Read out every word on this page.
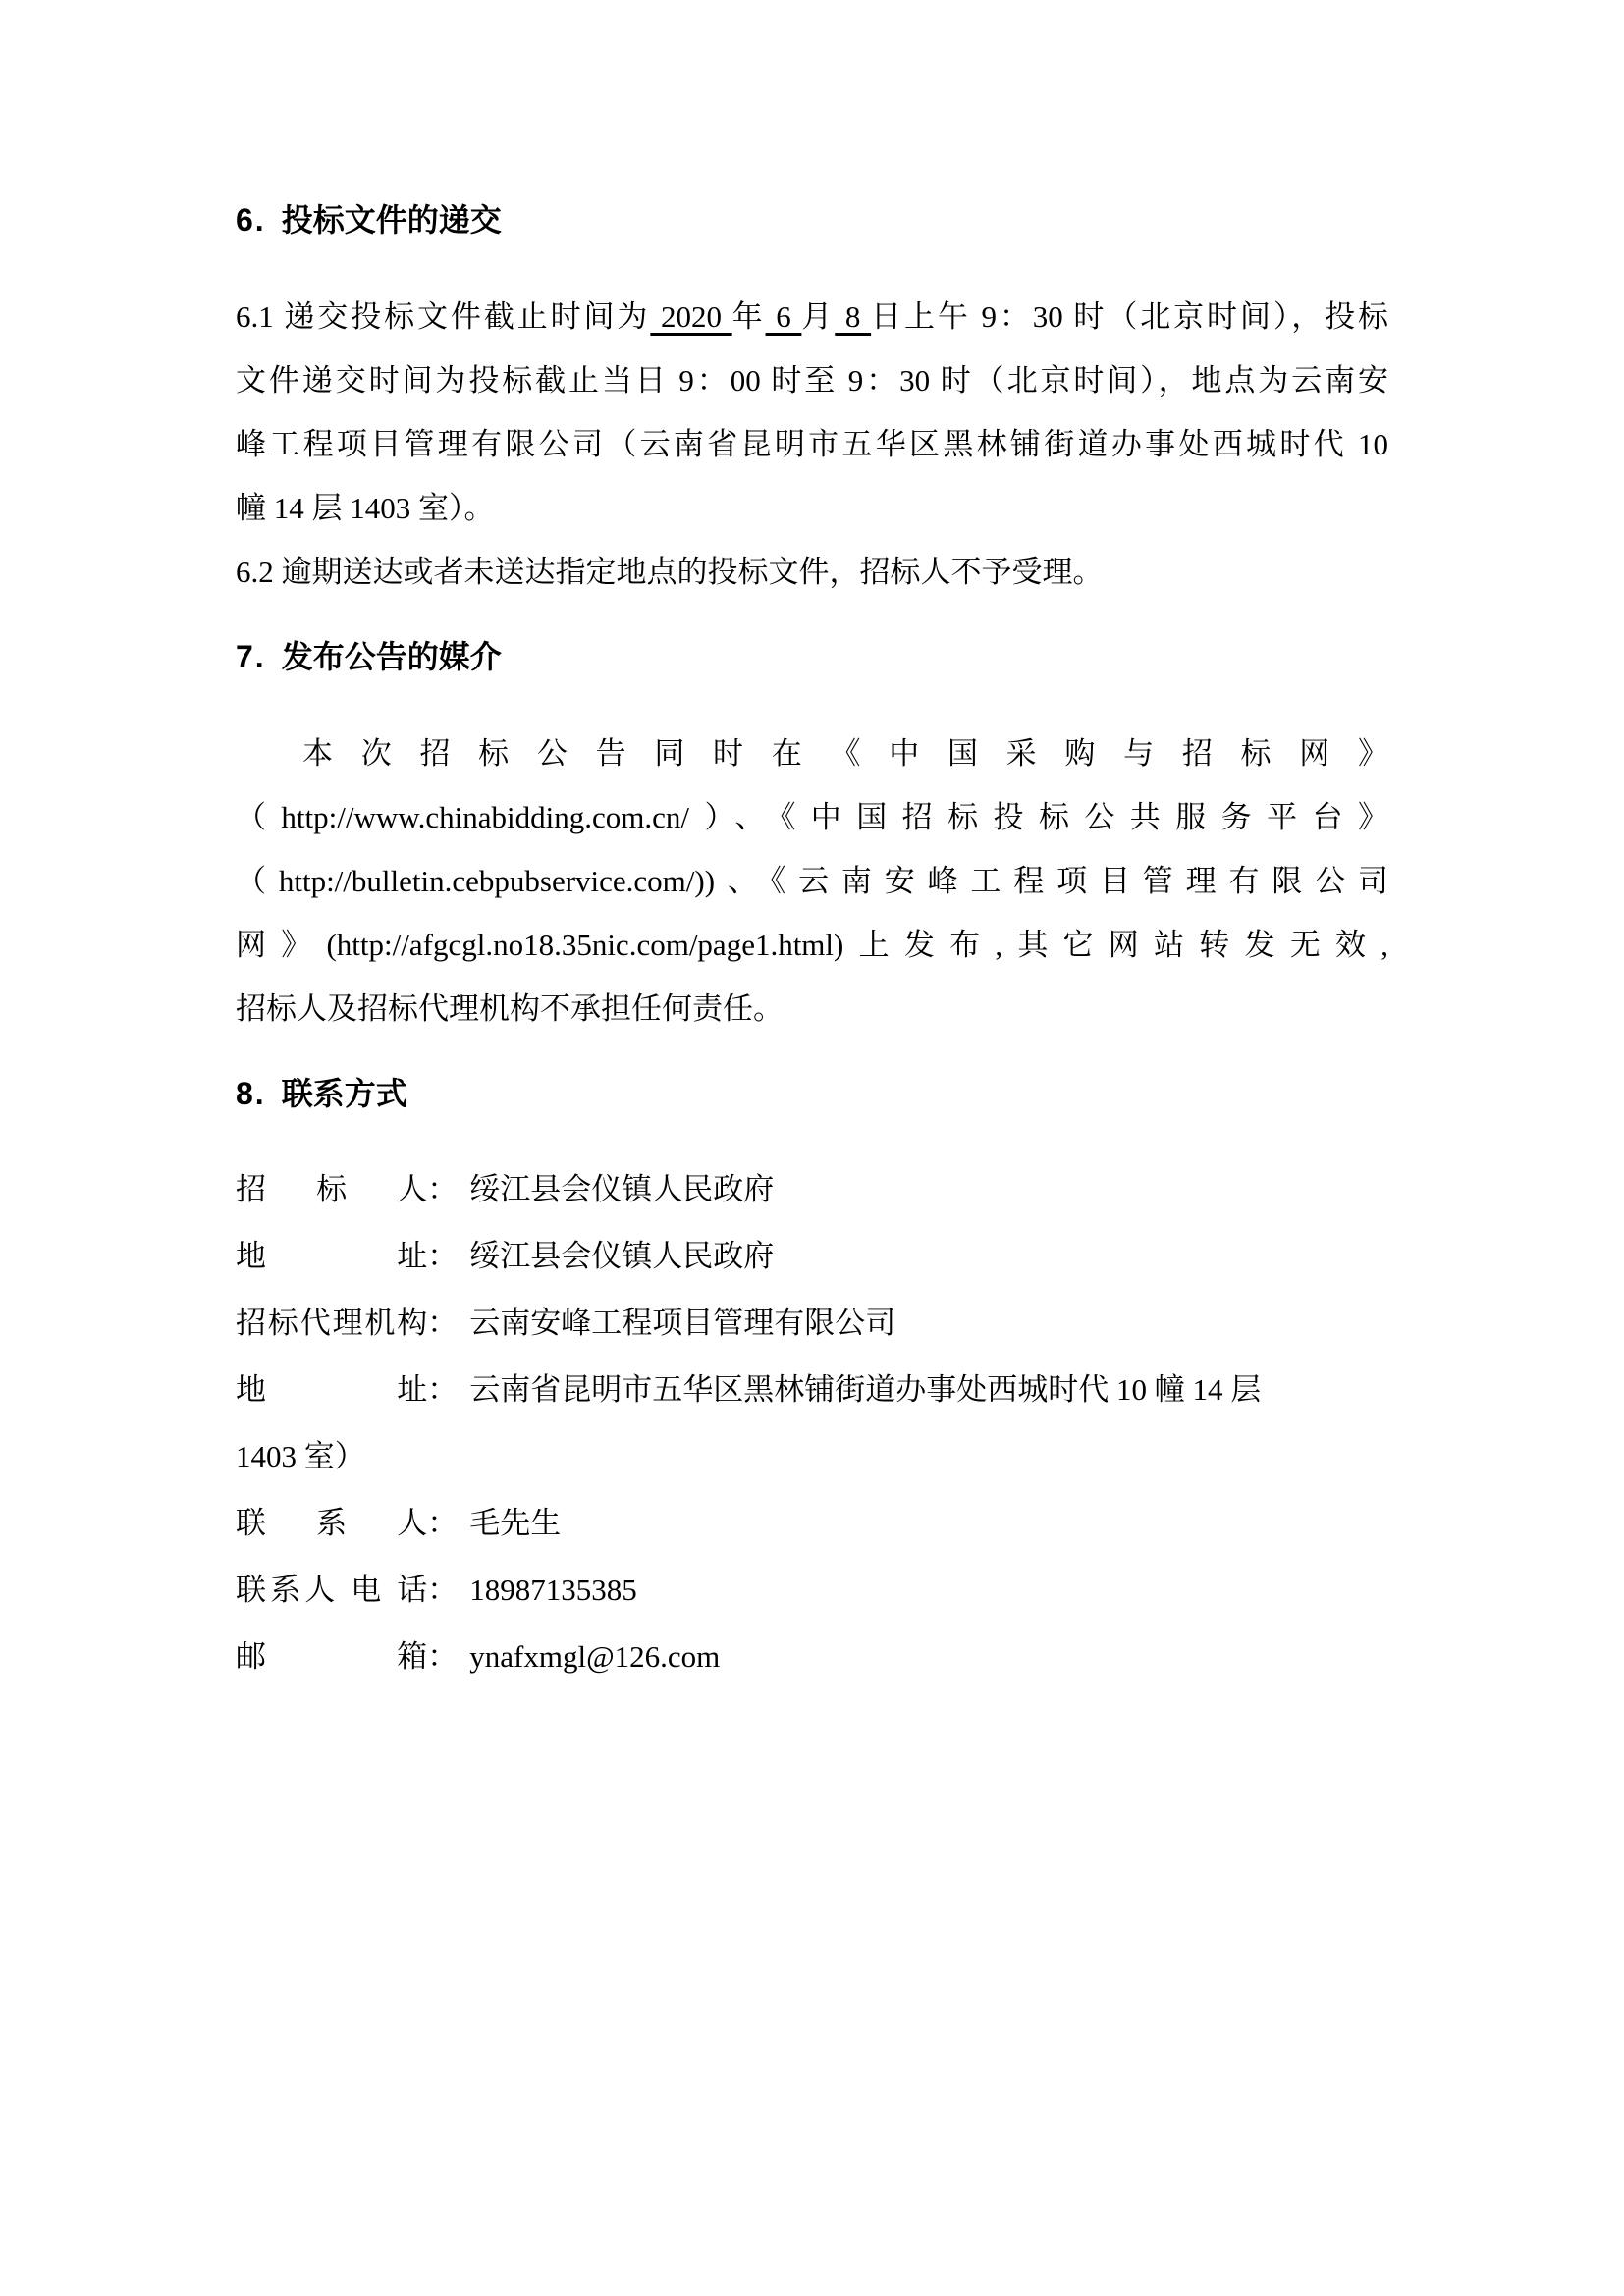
6. 投标文件的递交
6.1 递交投标文件截止时间为 2020 年 6 月 8 日上午 9：30 时（北京时间），投标
文件递交时间为投标截止当日 9：00 时至 9：30 时（北京时间），地点为云南安
峰工程项目管理有限公司（云南省昆明市五华区黑林铺街道办事处西城时代 10
幢 14 层 1403 室）。
6.2 逾期送达或者未送达指定地点的投标文件，招标人不予受理。
7. 发布公告的媒介
本次招标公告同时在《中国采购与招标网》
（http://www.chinabidding.com.cn/）、《中国招标投标公共服务平台》
（http://bulletin.cebpubservice.com/))、《云南安峰工程项目管理有限公司
网》(http://afgcgl.no18.35nic.com/page1.html)上发布,其它网站转发无效,
招标人及招标代理机构不承担任何责任。
8. 联系方式
招　标　人： 绥江县会仪镇人民政府
地　　　址： 绥江县会仪镇人民政府
招标代理机构： 云南安峰工程项目管理有限公司
地　　　址： 云南省昆明市五华区黑林铺街道办事处西城时代 10 幢 14 层
1403 室）
联　系　人： 毛先生
联系人 电 话： 18987135385
邮　　　箱： ynafxmgl@126.com
